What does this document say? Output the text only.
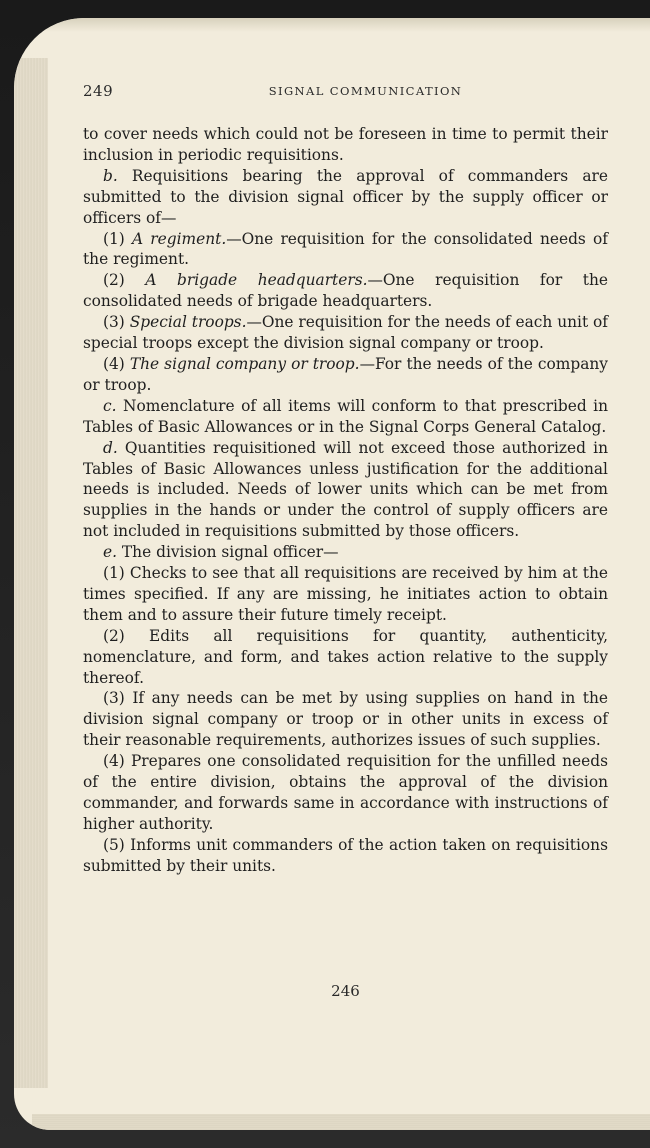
249	SIGNAL COMMUNICATION

to cover needs which could not be foreseen in time to permit their inclusion in periodic requisitions.

b. Requisitions bearing the approval of commanders are submitted to the division signal officer by the supply officer or officers of—

(1) A regiment.—One requisition for the consolidated needs of the regiment.

(2) A brigade headquarters.—One requisition for the consolidated needs of brigade headquarters.

(3) Special troops.—One requisition for the needs of each unit of special troops except the division signal company or troop.

(4) The signal company or troop.—For the needs of the company or troop.

c. Nomenclature of all items will conform to that prescribed in Tables of Basic Allowances or in the Signal Corps General Catalog.

d. Quantities requisitioned will not exceed those authorized in Tables of Basic Allowances unless justification for the additional needs is included. Needs of lower units which can be met from supplies in the hands or under the control of supply officers are not included in requisitions submitted by those officers.

e. The division signal officer—

(1) Checks to see that all requisitions are received by him at the times specified. If any are missing, he initiates action to obtain them and to assure their future timely receipt.

(2) Edits all requisitions for quantity, authenticity, nomenclature, and form, and takes action relative to the supply thereof.

(3) If any needs can be met by using supplies on hand in the division signal company or troop or in other units in excess of their reasonable requirements, authorizes issues of such supplies.

(4) Prepares one consolidated requisition for the unfilled needs of the entire division, obtains the approval of the division commander, and forwards same in accordance with instructions of higher authority.

(5) Informs unit commanders of the action taken on requisitions submitted by their units.

246
